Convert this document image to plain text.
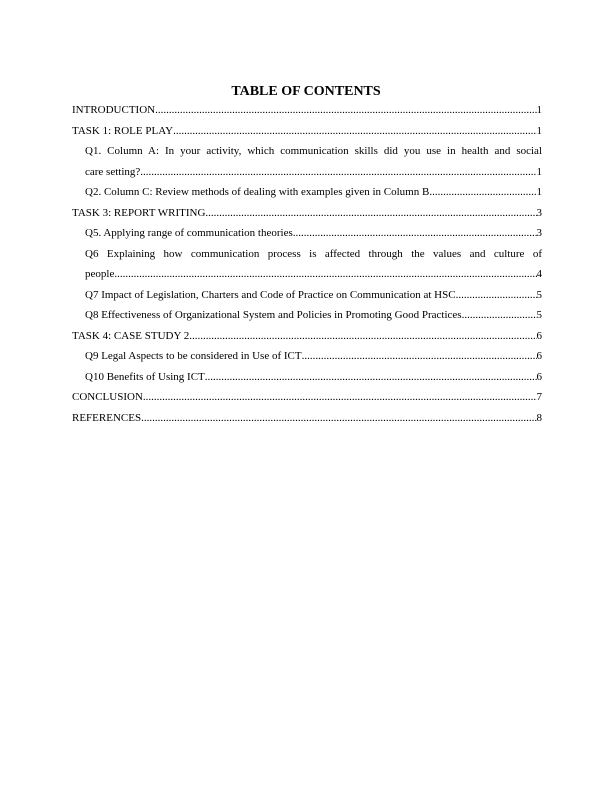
TABLE OF CONTENTS
INTRODUCTION .....	1
TASK 1: ROLE PLAY .....	1
Q1. Column A: In your activity, which communication skills did you use in health and social
care setting? .....	1
Q2. Column C: Review methods of dealing with examples given in Column B .....	1
TASK 3: REPORT WRITING .....	3
Q5. Applying range of communication theories .....	3
Q6 Explaining how communication process is affected through the values and culture of
people .....	4
Q7 Impact of Legislation, Charters and Code of Practice on Communication at HSC .....	5
Q8 Effectiveness of Organizational System and Policies in Promoting Good Practices .....	5
TASK 4: CASE STUDY 2 .....	6
Q9 Legal Aspects to be considered in Use of ICT .....	6
Q10 Benefits of Using ICT .....	6
CONCLUSION .....	7
REFERENCES .....	8
